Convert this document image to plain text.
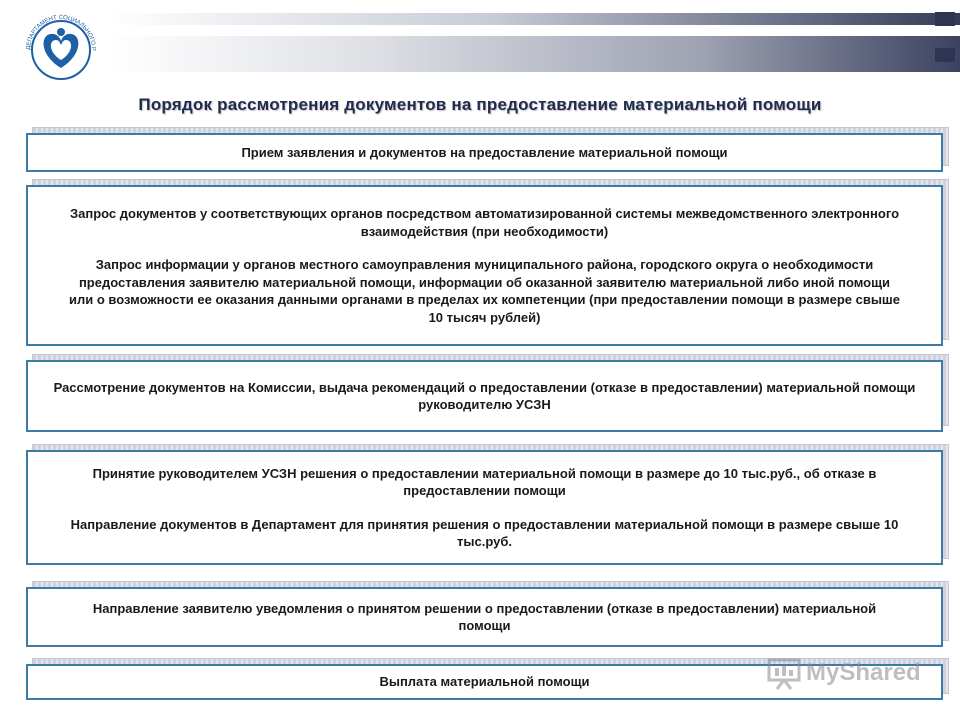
ДЕПАРТАМЕНТ СОЦИАЛЬНОГО Р
Порядок рассмотрения документов на предоставление материальной помощи

Прием заявления и документов на предоставление материальной помощи

Запрос документов у соответствующих органов посредством автоматизированной системы межведомственного электронного взаимодействия (при необходимости)

Запрос информации у органов местного самоуправления муниципального района, городского округа о необходимости предоставления заявителю материальной помощи, информации об оказанной заявителю материальной либо иной помощи или о возможности ее оказания данными органами в пределах их компетенции (при предоставлении помощи в размере свыше 10 тысяч рублей)

Рассмотрение документов на Комиссии, выдача рекомендаций о предоставлении (отказе в предоставлении) материальной помощи руководителю УСЗН

Принятие руководителем УСЗН решения о предоставлении материальной помощи в размере до 10 тыс.руб., об отказе в предоставлении помощи

Направление документов в Департамент для принятия решения о предоставлении материальной помощи в размере свыше 10 тыс.руб.

Направление заявителю уведомления о принятом решении о предоставлении (отказе в предоставлении) материальной помощи

Выплата материальной помощи	MyShared
